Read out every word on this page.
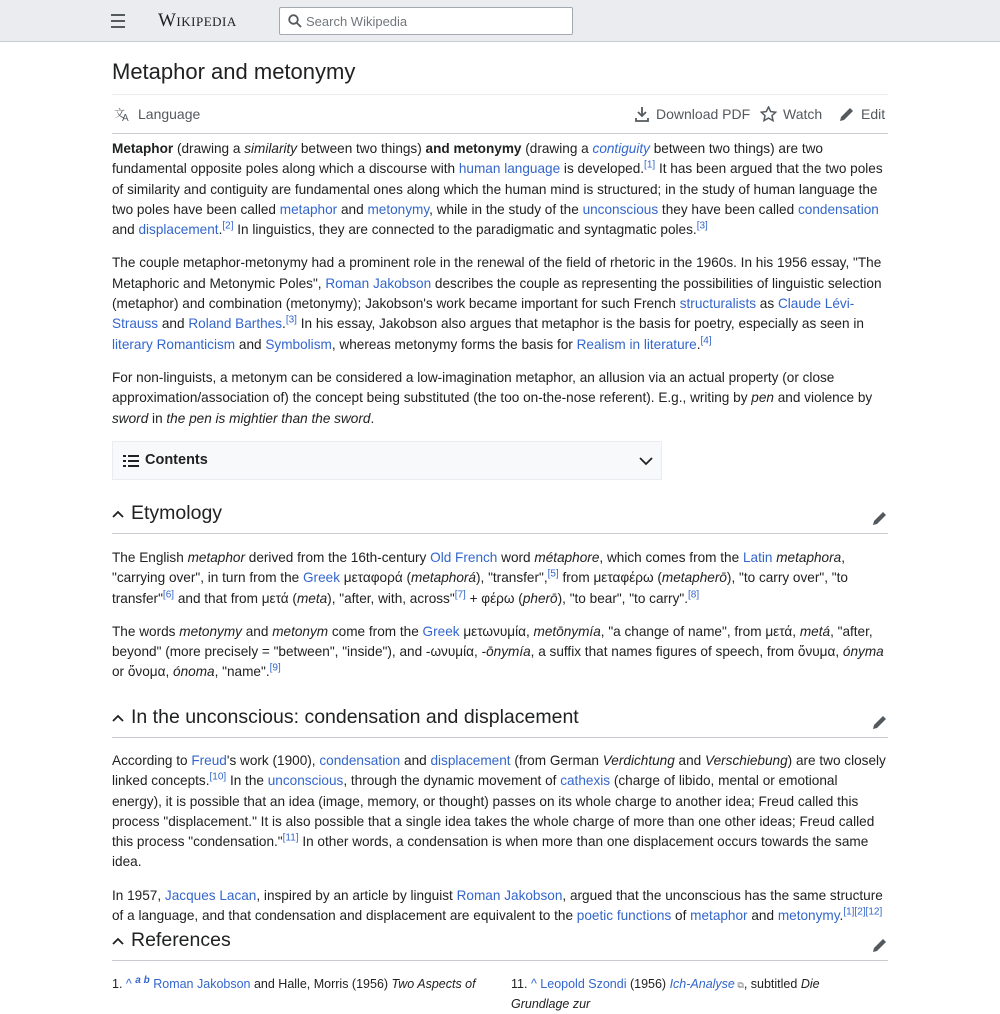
Wikipedia
Search Wikipedia
Metaphor and metonymy
文
A Language	Download PDF Watch	Edit

Metaphor (drawing a similarity between two things) and metonymy (drawing a contiguity between two things) are two fundamental opposite poles along which a discourse with human language is developed.[1] It has been argued that the two poles of similarity and contiguity are fundamental ones along which the human mind is structured; in the study of human language the two poles have been called metaphor and metonymy, while in the study of the unconscious they have been called condensation and displacement.[2] In linguistics, they are connected to the paradigmatic and syntagmatic poles.[3]

The couple metaphor-metonymy had a prominent role in the renewal of the field of rhetoric in the 1960s. In his 1956 essay, "The Metaphoric and Metonymic Poles", Roman Jakobson describes the couple as representing the possibilities of linguistic selection (metaphor) and combination (metonymy); Jakobson's work became important for such French structuralists as Claude Lévi-Strauss and Roland Barthes.[3] In his essay, Jakobson also argues that metaphor is the basis for poetry, especially as seen in literary Romanticism and Symbolism, whereas metonymy forms the basis for Realism in literature.[4]

For non-linguists, a metonym can be considered a low-imagination metaphor, an allusion via an actual property (or close approximation/association of) the concept being substituted (the too on-the-nose referent). E.g., writing by pen and violence by sword in the pen is mightier than the sword.

Contents
Etymology

The English metaphor derived from the 16th-century Old French word métaphore, which comes from the Latin metaphora, "carrying over", in turn from the Greek μεταφορά (metaphorá), "transfer",[5] from μεταφέρω (metapherō), "to carry over", "to transfer"[6] and that from μετά (meta), "after, with, across"[7] + φέρω (pherō), "to bear", "to carry".[8]

The words metonymy and metonym come from the Greek μετωνυμία, metōnymía, "a change of name", from μετά, metá, "after, beyond" (more precisely = "between", "inside"), and -ωνυμία, -ōnymía, a suffix that names figures of speech, from ὄνυμα, ónyma or ὄνομα, ónoma, "name".[9]

In the unconscious: condensation and displacement

According to Freud's work (1900), condensation and displacement (from German Verdichtung and Verschiebung) are two closely linked concepts.[10] In the unconscious, through the dynamic movement of cathexis (charge of libido, mental or emotional energy), it is possible that an idea (image, memory, or thought) passes on its whole charge to another idea; Freud called this process "displacement." It is also possible that a single idea takes the whole charge of more than one other ideas; Freud called this process "condensation."[11] In other words, a condensation is when more than one displacement occurs towards the same idea.

In 1957, Jacques Lacan, inspired by an article by linguist Roman Jakobson, argued that the unconscious has the same structure of a language, and that condensation and displacement are equivalent to the poetic functions of metaphor and metonymy.[1][2][12]

References
1. ^ $^{a b}$ Roman Jakobson and Halle, Morris (1956) Two Aspects of	11. ^ Leopold Szondi (1956) Ich-Analyse ⧉, subtitled Die Grundlage zur
